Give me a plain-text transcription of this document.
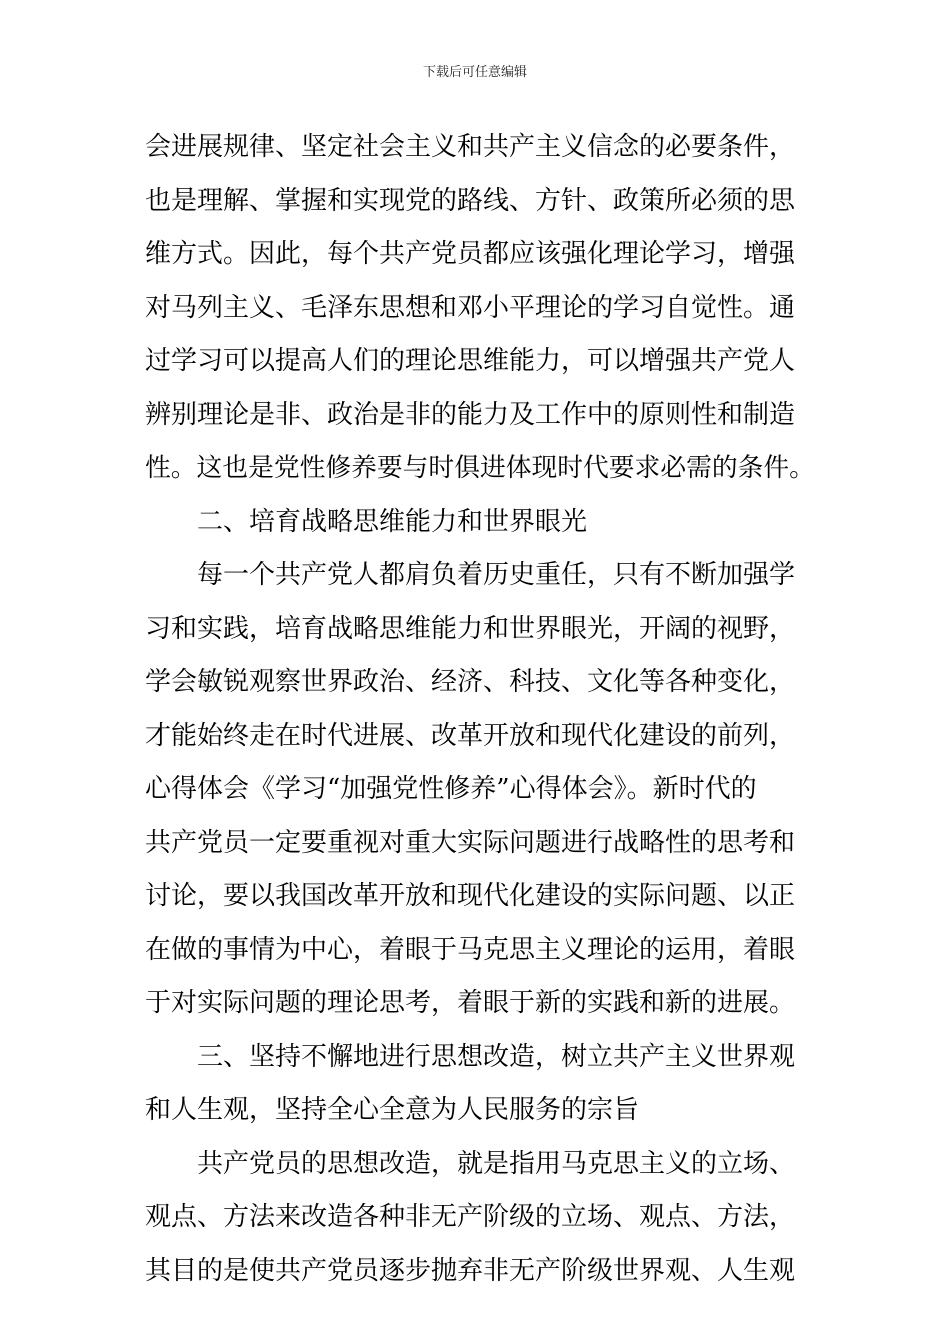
下载后可任意编辑
会进展规律、坚定社会主义和共产主义信念的必要条件，
也是理解、掌握和实现党的路线、方针、政策所必须的思
维方式。因此，每个共产党员都应该强化理论学习，增强
对马列主义、毛泽东思想和邓小平理论的学习自觉性。通
过学习可以提高人们的理论思维能力，可以增强共产党人
辨别理论是非、政治是非的能力及工作中的原则性和制造
性。这也是党性修养要与时俱进体现时代要求必需的条件。
二、培育战略思维能力和世界眼光
每一个共产党人都肩负着历史重任，只有不断加强学
习和实践，培育战略思维能力和世界眼光，开阔的视野，
学会敏锐观察世界政治、经济、科技、文化等各种变化，
才能始终走在时代进展、改革开放和现代化建设的前列，
心得体会《学习“加强党性修养”心得体会》。新时代的
共产党员一定要重视对重大实际问题进行战略性的思考和
讨论，要以我国改革开放和现代化建设的实际问题、以正
在做的事情为中心，着眼于马克思主义理论的运用，着眼
于对实际问题的理论思考，着眼于新的实践和新的进展。
三、坚持不懈地进行思想改造，树立共产主义世界观
和人生观，坚持全心全意为人民服务的宗旨
共产党员的思想改造，就是指用马克思主义的立场、
观点、方法来改造各种非无产阶级的立场、观点、方法，
其目的是使共产党员逐步抛弃非无产阶级世界观、人生观
